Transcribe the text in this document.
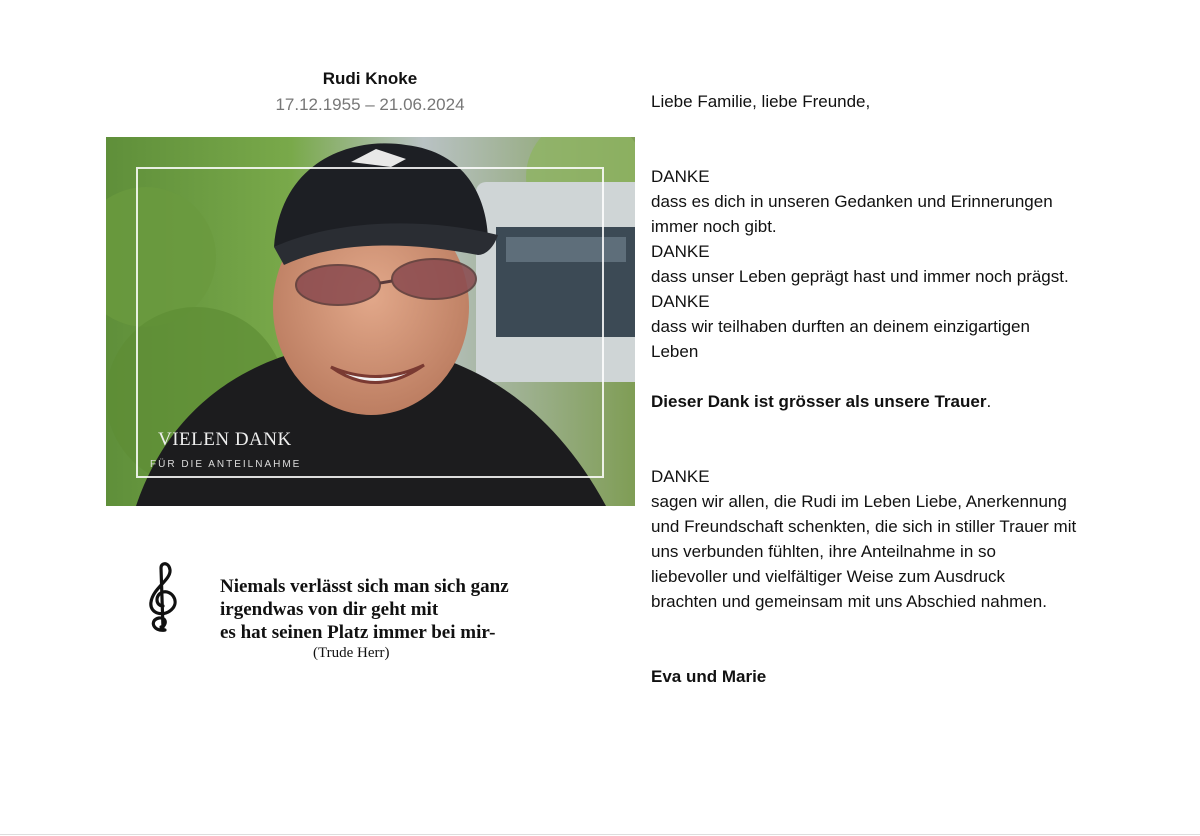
Rudi Knoke
17.12.1955 – 21.06.2024
VIELEN DANK
FÜR DIE ANTEILNAHME
Niemals verlässt sich man sich ganz
irgendwas von dir geht mit
es hat seinen Platz immer bei mir-
(Trude Herr)
Liebe Familie, liebe Freunde,
DANKE
dass es dich in unseren Gedanken und Erinnerungen
immer noch gibt.
DANKE
dass unser Leben geprägt hast und immer noch prägst.
DANKE
dass wir teilhaben durften an deinem einzigartigen
Leben
Dieser Dank ist grösser als unsere Trauer.
DANKE
sagen wir allen, die Rudi im Leben Liebe, Anerkennung
und Freundschaft schenkten, die sich in stiller Trauer mit
uns verbunden fühlten, ihre Anteilnahme in so
liebevoller und vielfältiger Weise zum Ausdruck
brachten und gemeinsam mit uns Abschied nahmen.
Eva und Marie
